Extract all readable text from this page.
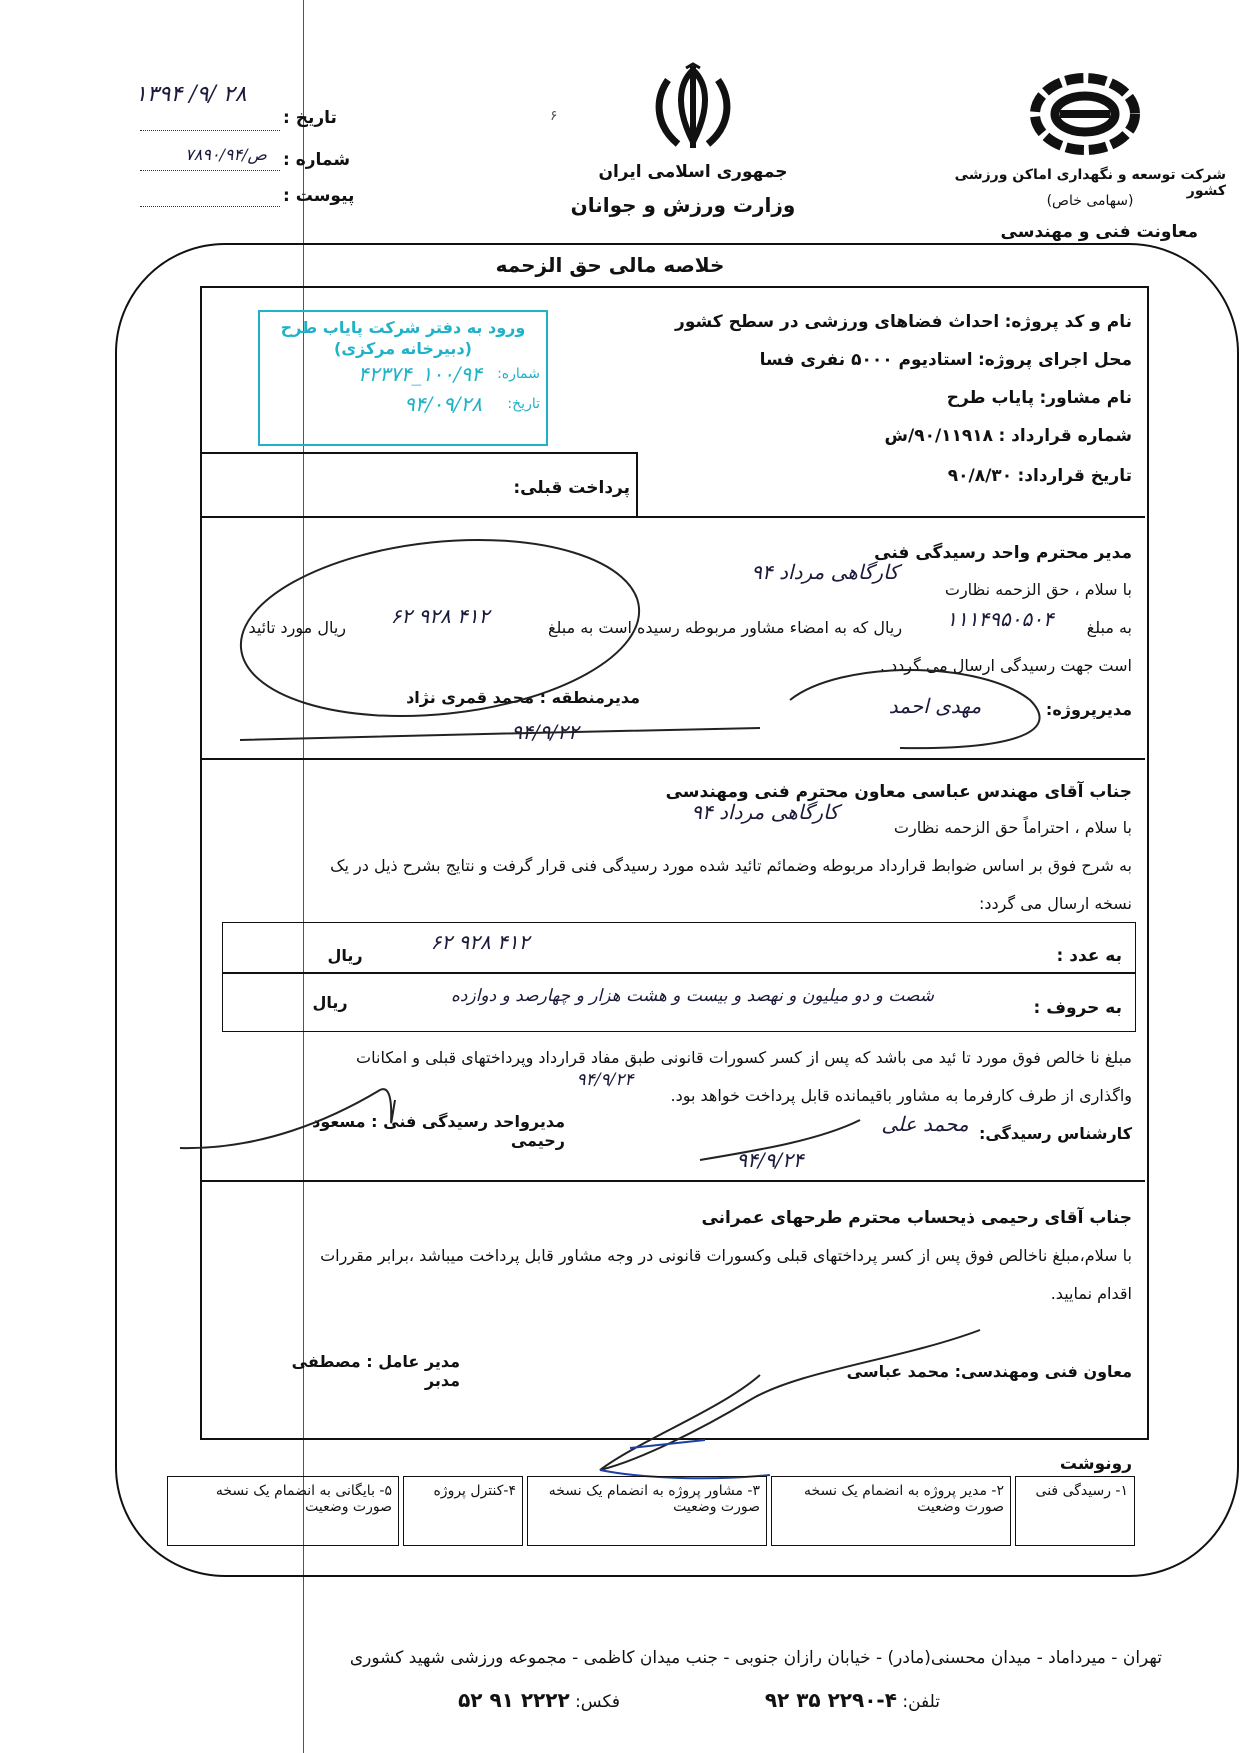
۱۳۹۴ /۹/ ۲۸
تاریخ :
شماره :
ص/۷۸۹۰/۹۴
پیوست :
۶
جمهوری اسلامی ایران
وزارت ورزش و جوانان
شرکت توسعه و نگهداری اماکن ورزشی کشور
(سهامی خاص)
معاونت فنی و مهندسی
خلاصه مالی حق الزحمه
نام و کد پروژه: احداث فضاهای ورزشی در سطح کشور
محل اجرای پروژه: استادیوم ۵۰۰۰ نفری فسا
نام مشاور: پایاب طرح
شماره قرارداد : ۹۰/۱۱۹۱۸/ش
تاریخ قرارداد: ۹۰/۸/۳۰
ورود به دفتر شرکت پایاب طرح
(دبیرخانه مرکزی)
شماره:
۱۰۰/۹۴_۴۲۳۷۴
تاریخ:
۹۴/۰۹/۲۸
پرداخت قبلی:
مدیر محترم واحد رسیدگی فنی
با سلام ، حق الزحمه نظارت
کارگاهی مرداد ۹۴
به مبلغ
۱۱۱۴۹۵۰۵۰۴
ریال که به امضاء مشاور مربوطه رسیده است به مبلغ
۶۲ ۹۲۸ ۴۱۲
ریال مورد تائید
است جهت رسیدگی ارسال می گردد .
مدیرپروژه:
مهدی احمد
مدیرمنطقه : محمد قمری نژاد
۹۴/۹/۲۲
جناب آقای مهندس عباسی معاون محترم فنی ومهندسی
با سلام ، احتراماً حق الزحمه نظارت
کارگاهی مرداد ۹۴
به شرح فوق بر اساس ضوابط قرارداد مربوطه وضمائم تائید شده مورد رسیدگی فنی قرار گرفت و نتایج بشرح ذیل در یک
نسخه ارسال می گردد:
به عدد :
۶۲ ۹۲۸ ۴۱۲
ریال
به حروف :
شصت و دو میلیون و نهصد و بیست و هشت هزار و چهارصد و دوازده
ریال
مبلغ نا خالص فوق مورد تا ئید می باشد که پس از کسر کسورات قانونی طبق مفاد قرارداد وپرداختهای قبلی و امکانات
واگذاری از طرف کارفرما به مشاور باقیمانده قابل پرداخت خواهد بود.
۹۴/۹/۲۴
کارشناس رسیدگی:
محمد علی
مدیرواحد رسیدگی فنی : مسعود رحیمی
۹۴/۹/۲۴
جناب آقای رحیمی ذیحساب محترم طرحهای عمرانی
با سلام،مبلغ ناخالص فوق پس از کسر پرداختهای قبلی وکسورات قانونی در وجه مشاور قابل پرداخت میباشد ،برابر مقررات
اقدام نمایید.
معاون فنی ومهندسی: محمد عباسی
مدیر عامل : مصطفی مدبر
رونوشت
۱- رسیدگی فنی
۲- مدیر پروژه به انضمام یک نسخه صورت وضعیت
۳- مشاور پروژه به انضمام یک نسخه صورت وضعیت
۴-کنترل پروژه
۵- بایگانی به انضمام یک نسخه صورت وضعیت
تهران - میرداماد - میدان محسنی(مادر) - خیابان رازان جنوبی - جنب میدان کاظمی - مجموعه ورزشی شهید کشوری
تلفن: ۴-۲۲۹۰ ۳۵ ۹۲
فکس: ۲۲۲۲ ۹۱ ۵۲
